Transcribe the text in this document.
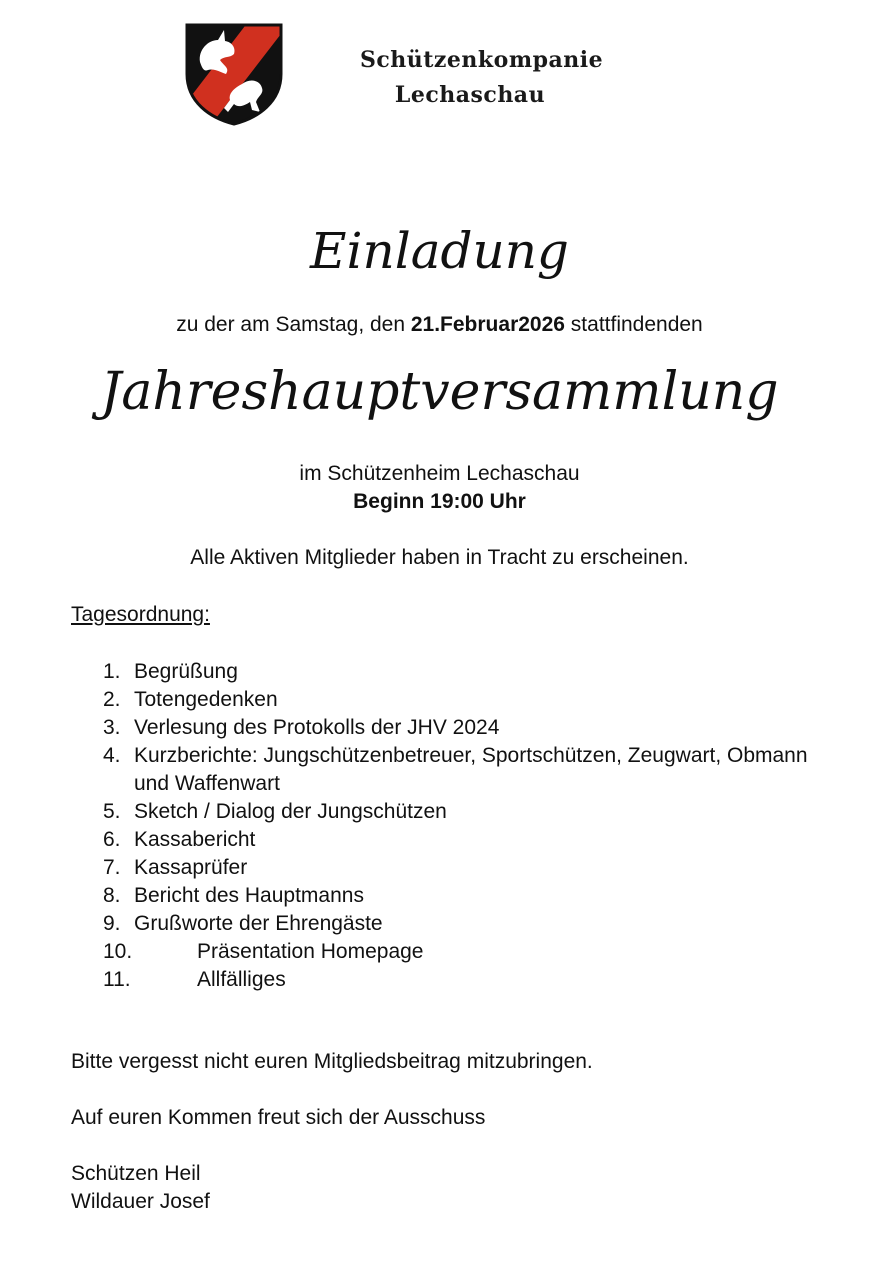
Schützenkompanie
Lechaschau
Einladung
zu der am Samstag, den 21.Februar2026 stattfindenden
Jahreshauptversammlung
im Schützenheim Lechaschau
Beginn 19:00 Uhr
Alle Aktiven Mitglieder haben in Tracht zu erscheinen.
Tagesordnung:
1. Begrüßung
2. Totengedenken
3. Verlesung des Protokolls der JHV 2024
4. Kurzberichte: Jungschützenbetreuer, Sportschützen, Zeugwart, Obmann und Waffenwart
5. Sketch / Dialog der Jungschützen
6. Kassabericht
7. Kassaprüfer
8. Bericht des Hauptmanns
9. Grußworte der Ehrengäste
10.	Präsentation Homepage
11.	Allfälliges
Bitte vergesst nicht euren Mitgliedsbeitrag mitzubringen.
Auf euren Kommen freut sich der Ausschuss
Schützen Heil
Wildauer Josef
